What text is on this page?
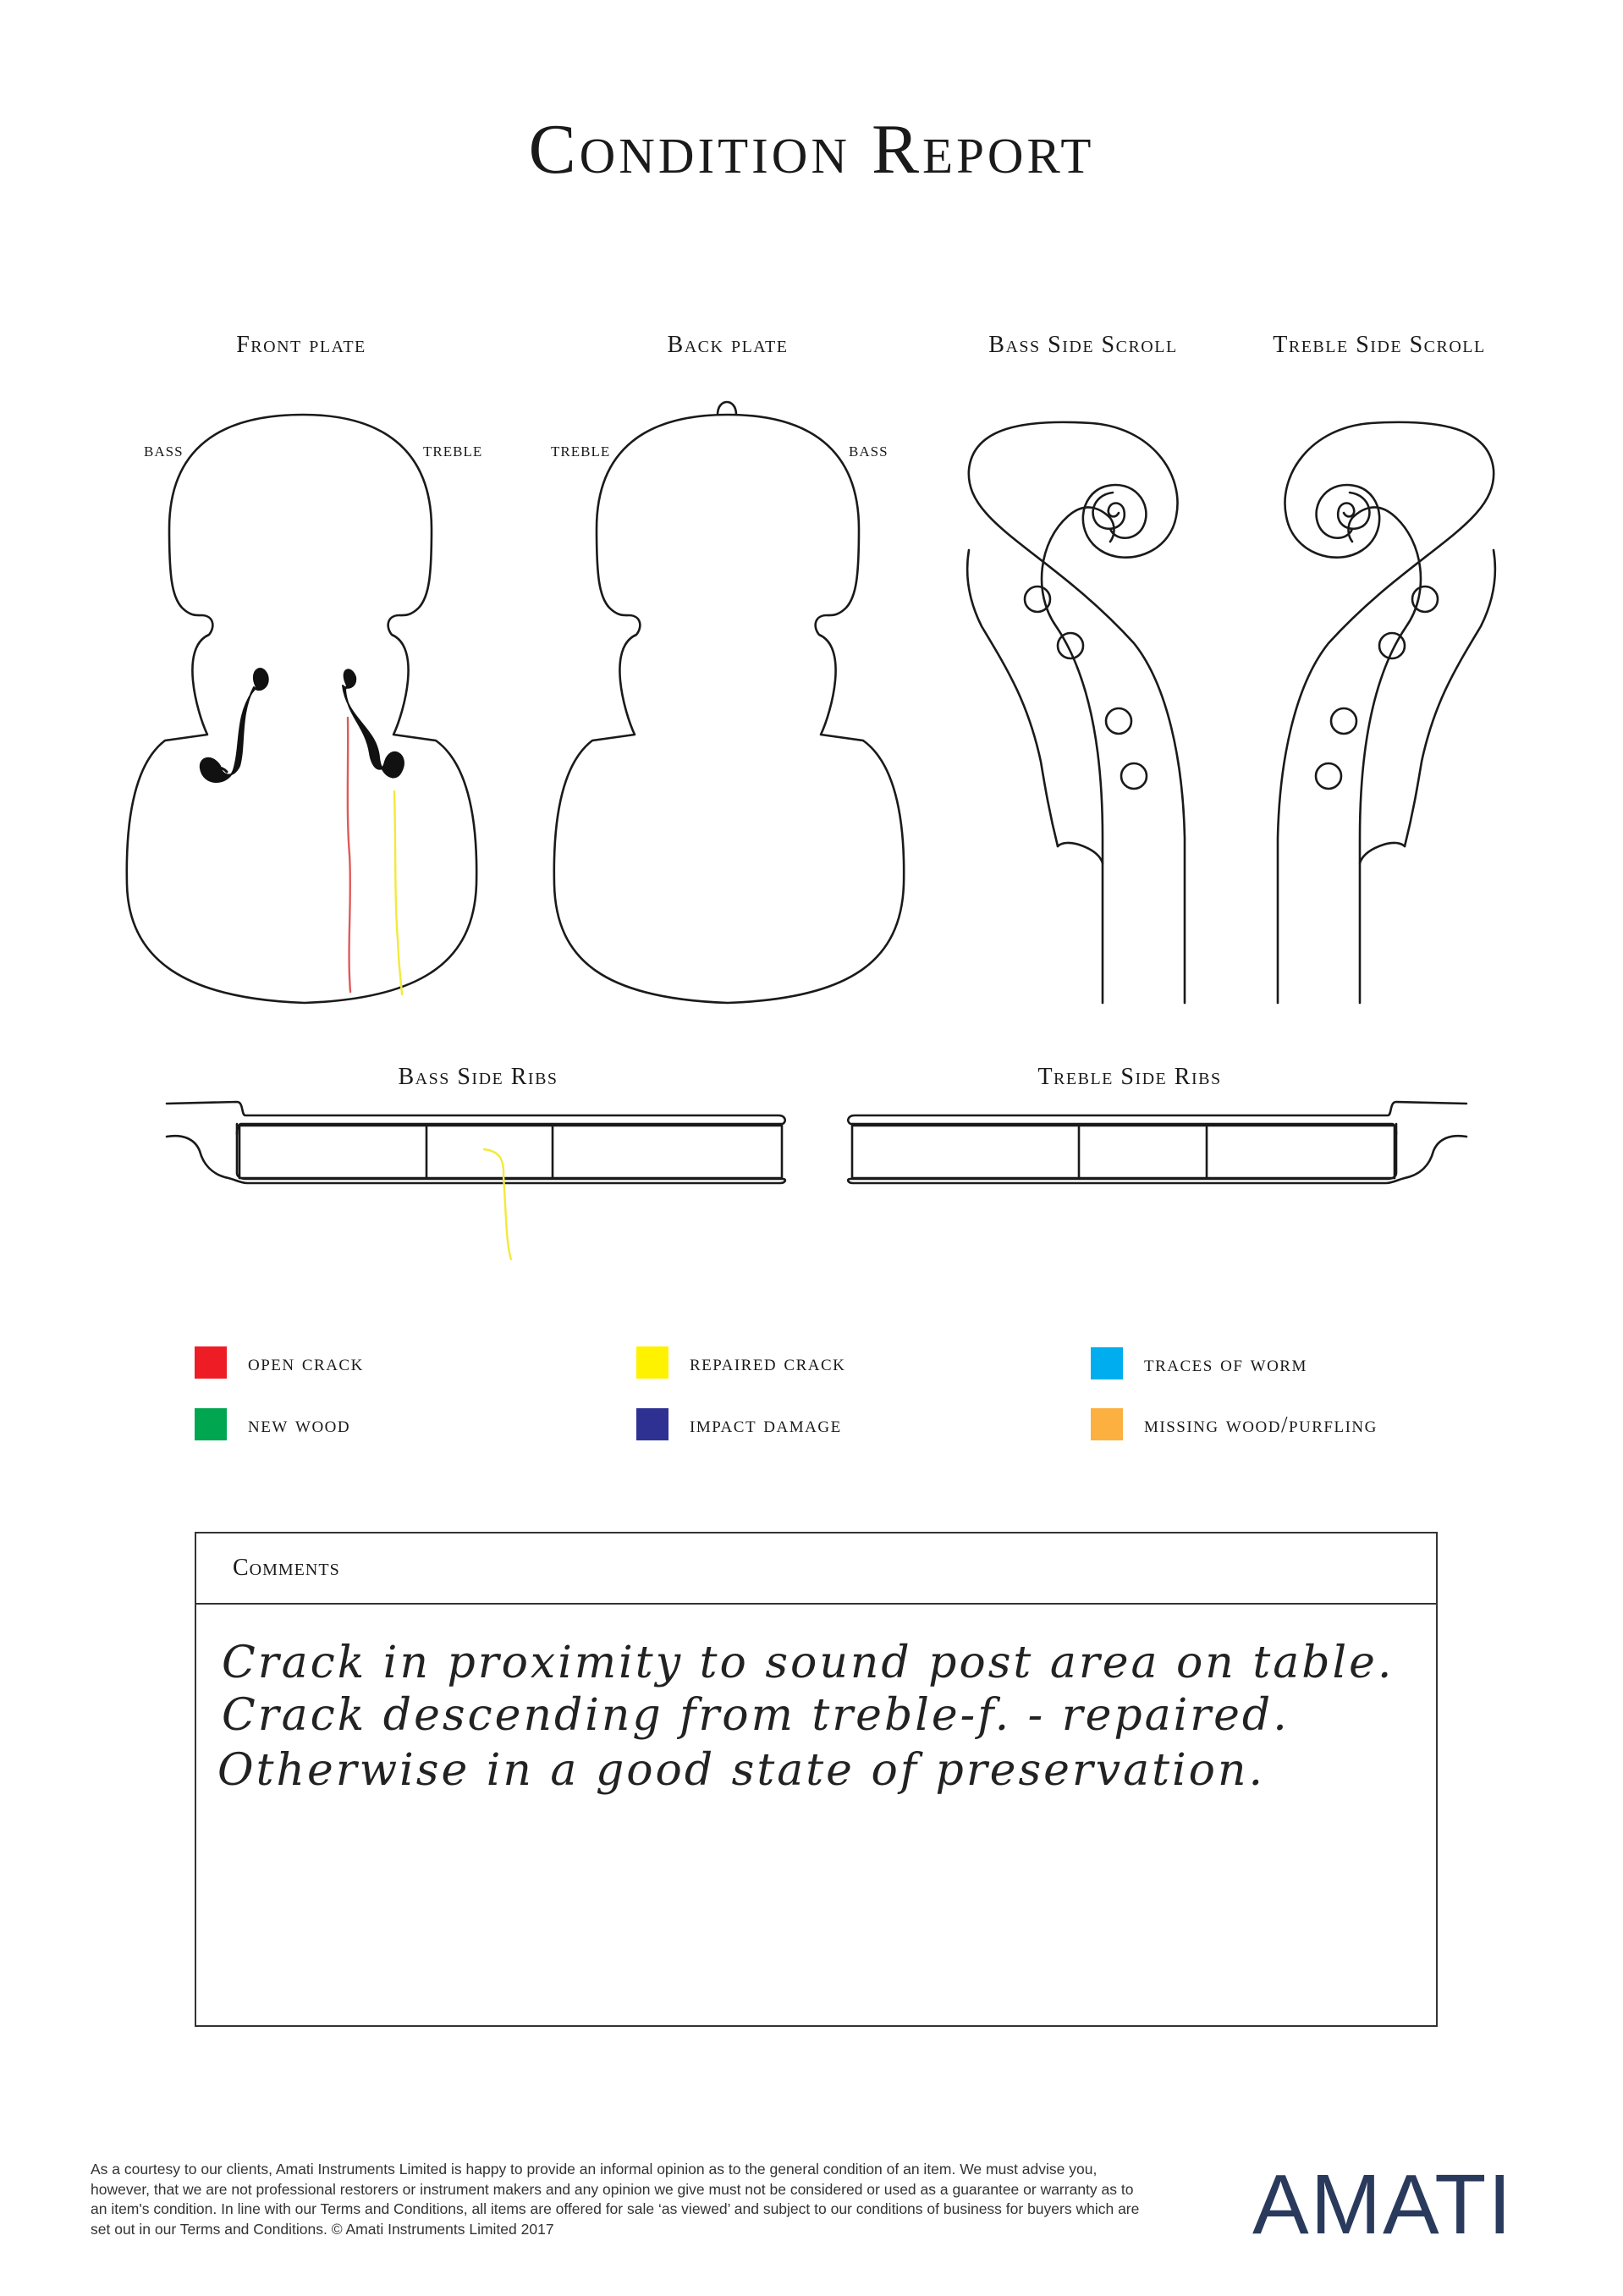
Condition Report
Front plate	Back plate	Bass Side Scroll	Treble Side Scroll
Bass Side Ribs	Treble Side Ribs
BASS	TREBLE	TREBLE	BASS
open crack	repaired crack	traces of worm
new wood	impact damage	missing wood/purfling
Comments
Crack in proximity to sound post area on table.
Crack descending from treble-f. - repaired.
Otherwise in a good state of preservation.
As a courtesy to our clients, Amati Instruments Limited is happy to provide an informal opinion as to the general condition of an item. We must advise you, however, that we are not professional restorers or instrument makers and any opinion we give must not be considered or used as a guarantee or warranty as to an item's condition. In line with our Terms and Conditions, all items are offered for sale ‘as viewed’ and subject to our conditions of business for buyers which are set out in our Terms and Conditions. © Amati Instruments Limited 2017	AMATI
